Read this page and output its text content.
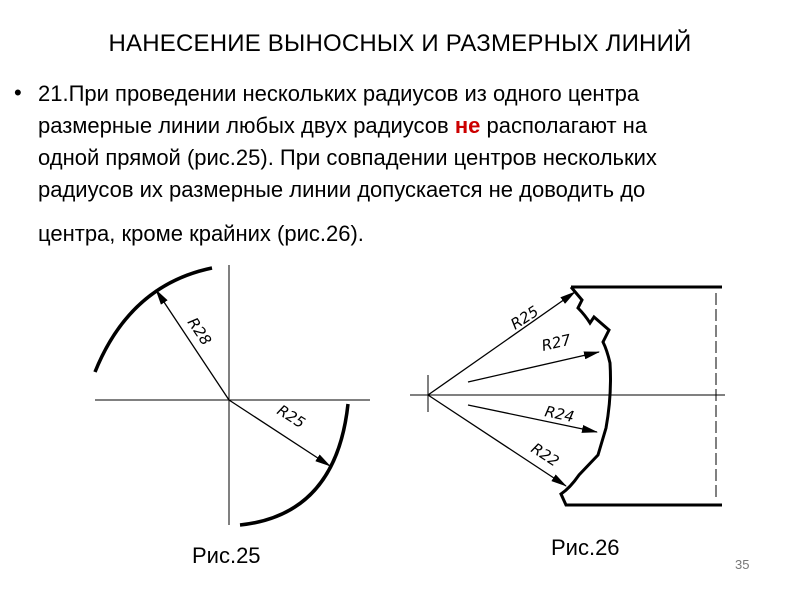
НАНЕСЕНИЕ ВЫНОСНЫХ И РАЗМЕРНЫХ ЛИНИЙ
• 21.При проведении нескольких радиусов из одного центра
размерные линии любых двух радиусов не располагают на
одной прямой (рис.25). При совпадении центров нескольких
радиусов их размерные линии допускается не доводить до
центра, кроме крайних (рис.26).
R28
R25
R25
R27
R24
R22
Рис.25	Рис.26
35
